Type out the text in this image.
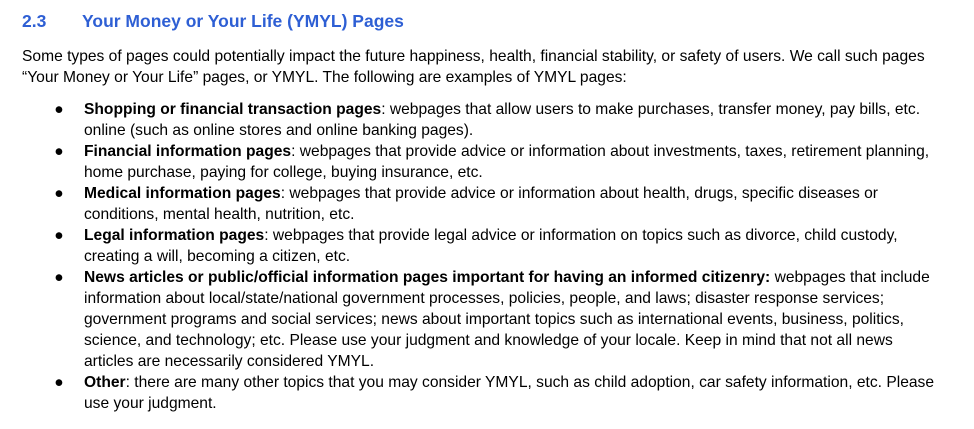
2.3	Your Money or Your Life (YMYL) Pages

Some types of pages could potentially impact the future happiness, health, financial stability, or safety of users. We call such pages “Your Money or Your Life” pages, or YMYL. The following are examples of YMYL pages:

● Shopping or financial transaction pages: webpages that allow users to make purchases, transfer money, pay bills, etc. online (such as online stores and online banking pages).
● Financial information pages: webpages that provide advice or information about investments, taxes, retirement planning, home purchase, paying for college, buying insurance, etc.
● Medical information pages: webpages that provide advice or information about health, drugs, specific diseases or conditions, mental health, nutrition, etc.
● Legal information pages: webpages that provide legal advice or information on topics such as divorce, child custody, creating a will, becoming a citizen, etc.
● News articles or public/official information pages important for having an informed citizenry: webpages that include information about local/state/national government processes, policies, people, and laws; disaster response services; government programs and social services; news about important topics such as international events, business, politics, science, and technology; etc. Please use your judgment and knowledge of your locale. Keep in mind that not all news articles are necessarily considered YMYL.
● Other: there are many other topics that you may consider YMYL, such as child adoption, car safety information, etc. Please use your judgment.
